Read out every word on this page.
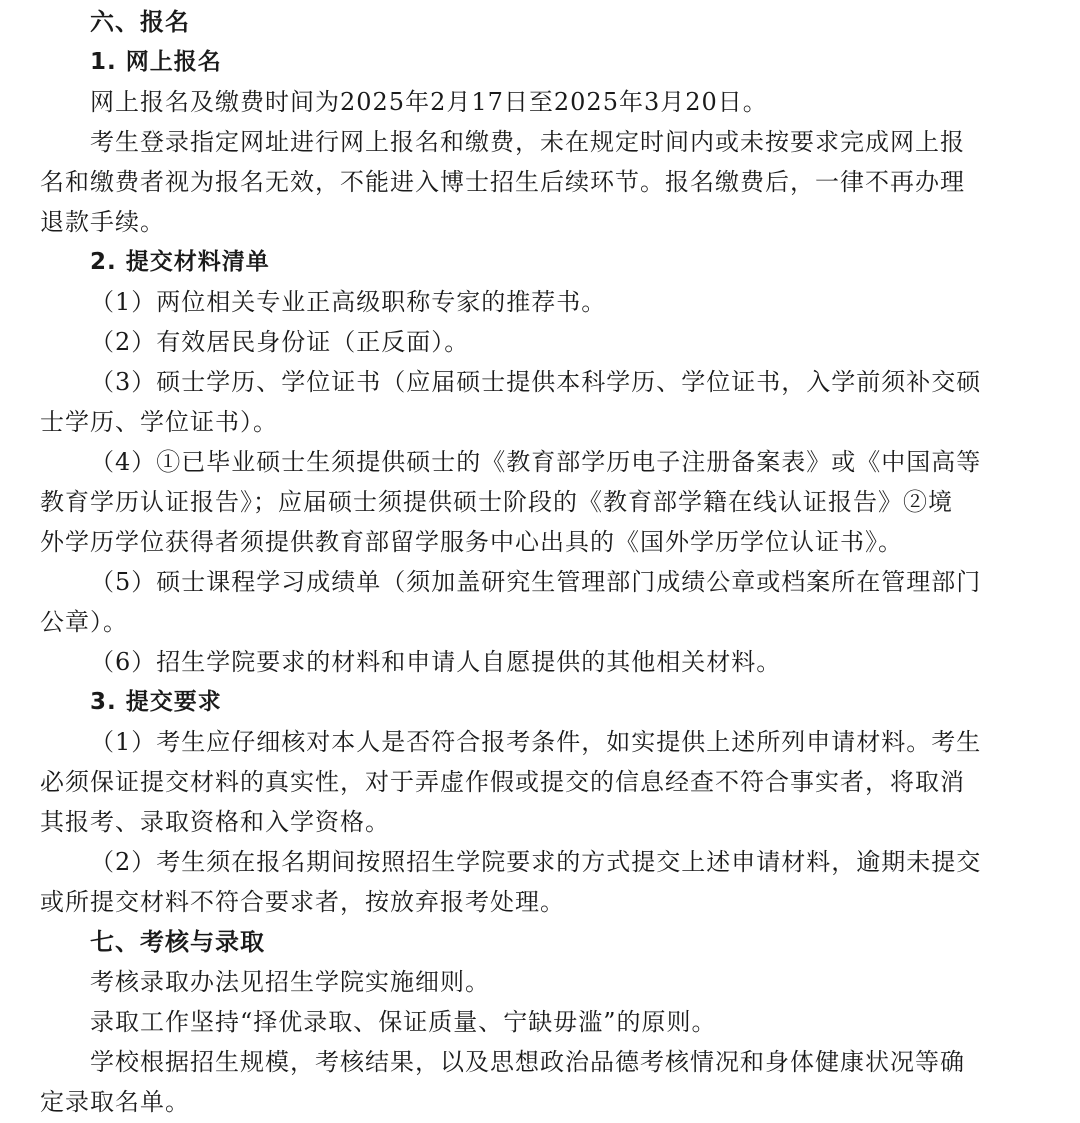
六、报名
1. 网上报名
网上报名及缴费时间为2025年2月17日至2025年3月20日。
考生登录指定网址进行网上报名和缴费，未在规定时间内或未按要求完成网上报
名和缴费者视为报名无效，不能进入博士招生后续环节。报名缴费后，一律不再办理
退款手续。
2. 提交材料清单
（1）两位相关专业正高级职称专家的推荐书。
（2）有效居民身份证（正反面）。
（3）硕士学历、学位证书（应届硕士提供本科学历、学位证书，入学前须补交硕
士学历、学位证书）。
（4）①已毕业硕士生须提供硕士的《教育部学历电子注册备案表》或《中国高等
教育学历认证报告》；应届硕士须提供硕士阶段的《教育部学籍在线认证报告》②境
外学历学位获得者须提供教育部留学服务中心出具的《国外学历学位认证书》。
（5）硕士课程学习成绩单（须加盖研究生管理部门成绩公章或档案所在管理部门
公章）。
（6）招生学院要求的材料和申请人自愿提供的其他相关材料。
3. 提交要求
（1）考生应仔细核对本人是否符合报考条件，如实提供上述所列申请材料。考生
必须保证提交材料的真实性，对于弄虚作假或提交的信息经查不符合事实者，将取消
其报考、录取资格和入学资格。
（2）考生须在报名期间按照招生学院要求的方式提交上述申请材料，逾期未提交
或所提交材料不符合要求者，按放弃报考处理。
七、考核与录取
考核录取办法见招生学院实施细则。
录取工作坚持“择优录取、保证质量、宁缺毋滥”的原则。
学校根据招生规模，考核结果，以及思想政治品德考核情况和身体健康状况等确
定录取名单。
